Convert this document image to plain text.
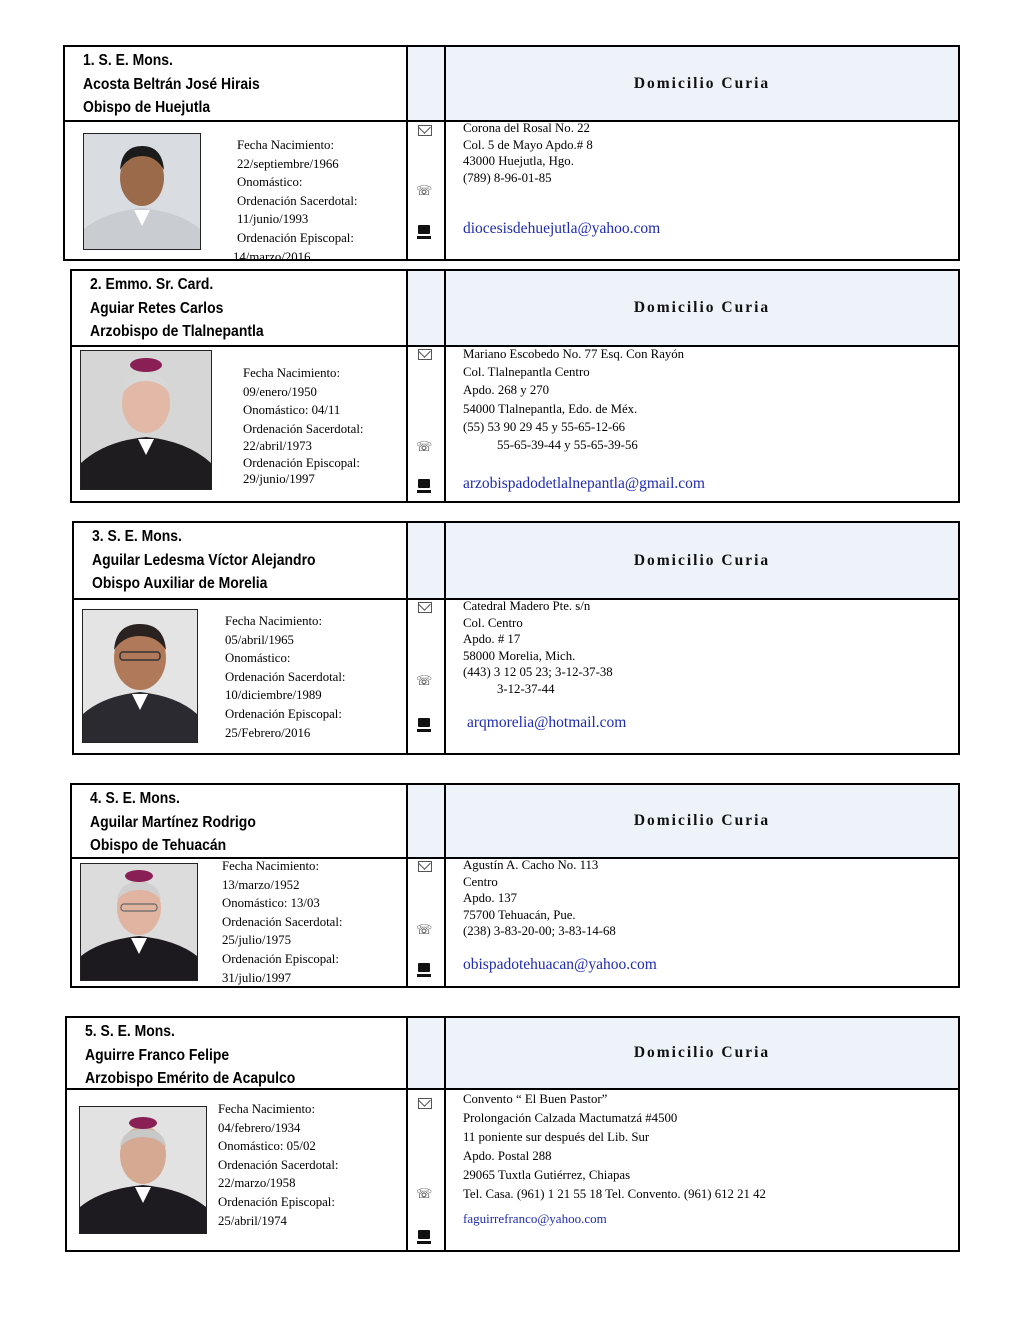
1. S. E. Mons.
Acosta Beltrán José Hirais
Obispo de Huejutla
Domicilio Curia
Fecha Nacimiento:
22/septiembre/1966
Onomástico:
Ordenación Sacerdotal:
11/junio/1993
Ordenación Episcopal:
14/marzo/2016
☏
Corona del Rosal No. 22
Col. 5 de Mayo Apdo.# 8
43000 Huejutla, Hgo.
(789) 8-96-01-85
diocesisdehuejutla@yahoo.com
2. Emmo. Sr. Card.
Aguiar Retes Carlos
Arzobispo de Tlalnepantla
Domicilio Curia
Fecha Nacimiento:
09/enero/1950
Onomástico: 04/11
Ordenación Sacerdotal:
22/abril/1973
Ordenación Episcopal:
29/junio/1997
☏
Mariano Escobedo No. 77 Esq. Con Rayón
Col. Tlalnepantla Centro
Apdo. 268 y 270
54000 Tlalnepantla, Edo. de Méx.
(55) 53 90 29 45 y 55-65-12-66
55-65-39-44 y 55-65-39-56
arzobispadodetlalnepantla@gmail.com
3. S. E. Mons.
Aguilar Ledesma Víctor Alejandro
Obispo Auxiliar de Morelia
Domicilio Curia
Fecha Nacimiento:
05/abril/1965
Onomástico:
Ordenación Sacerdotal:
10/diciembre/1989
Ordenación Episcopal:
25/Febrero/2016
☏
Catedral Madero Pte. s/n
Col. Centro
Apdo. # 17
58000 Morelia, Mich.
(443) 3 12 05 23; 3-12-37-38
3-12-37-44
arqmorelia@hotmail.com
4. S. E. Mons.
Aguilar Martínez Rodrigo
Obispo de Tehuacán
Domicilio Curia
Fecha Nacimiento:
13/marzo/1952
Onomástico: 13/03
Ordenación Sacerdotal:
25/julio/1975
Ordenación Episcopal:
31/julio/1997
☏
Agustín A. Cacho No. 113
Centro
Apdo. 137
75700 Tehuacán, Pue.
(238) 3-83-20-00; 3-83-14-68
obispadotehuacan@yahoo.com
5. S. E. Mons.
Aguirre Franco Felipe
Arzobispo Emérito de Acapulco
Domicilio Curia
Fecha Nacimiento:
04/febrero/1934
Onomástico: 05/02
Ordenación Sacerdotal:
22/marzo/1958
Ordenación Episcopal:
25/abril/1974
☏
Convento “ El Buen Pastor”
Prolongación Calzada Mactumatzá #4500
11 poniente sur después del Lib. Sur
Apdo. Postal 288
29065 Tuxtla Gutiérrez, Chiapas
Tel. Casa. (961) 1 21 55 18 Tel. Convento. (961) 612 21 42
faguirrefranco@yahoo.com
